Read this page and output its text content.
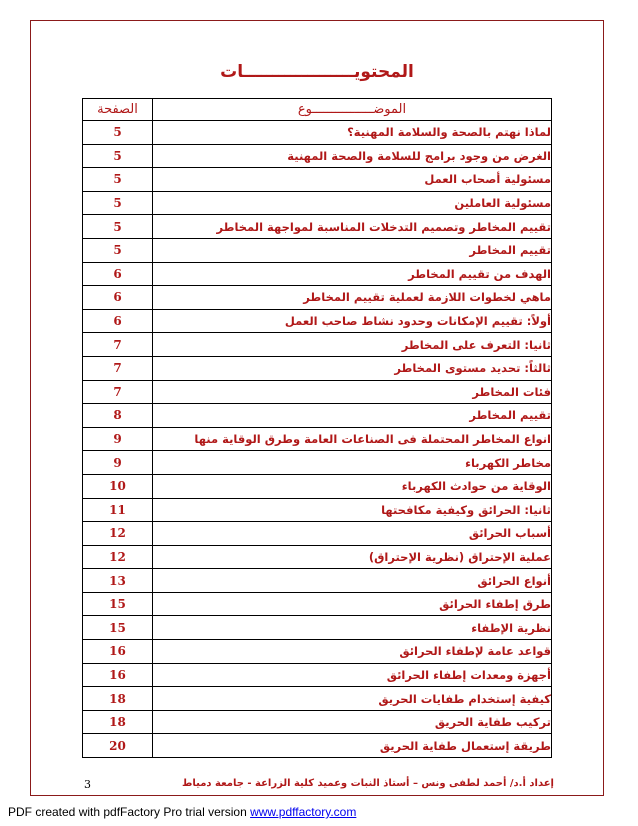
المحتويـــــــــــــــــــات
الموضــــــــــــــــوع	الصفحة
لماذا نهتم بالصحة والسلامة المهنية؟	5
الغرض من وجود برامج للسلامة والصحة المهنية	5
مسئولية أصحاب العمل	5
مسئولية العاملين	5
تقييم المخاطر وتصميم التدخلات المناسبة لمواجهة المخاطر	5
تقييم المخاطر	5
الهدف من تقييم المخاطر	6
ماهي لخطوات اللازمة لعملية تقييم المخاطر	6
أولاً: تقييم الإمكانات وحدود نشاط صاحب العمل	6
ثانيا: التعرف على المخاطر	7
ثالثاً: تحديد مستوى المخاطر	7
فئات المخاطر	7
تقييم المخاطر	8
انواع المخاطر المحتملة فى الصناعات العامة وطرق الوقاية منها	9
مخاطر الكهرباء	9
الوقاية من حوادث الكهرباء	10
ثانيا: الحرائق وكيفية مكافحتها	11
أسباب الحرائق	12
عملية الإحتراق (نظرية الإحتراق)	12
أنواع الحرائق	13
طرق إطفاء الحرائق	15
نظرية الإطفاء	15
قواعد عامة لإطفاء الحرائق	16
أجهزة ومعدات إطفاء الحرائق	16
كيفية إستخدام طفايات الحريق	18
تركيب طفاية الحريق	18
طريقة إستعمال طفاية الحريق	20
3	إعداد أ.د/ أحمد لطفى ونس – أستاذ النبات وعميد كلية الزراعة - جامعة دمياط
PDF created with pdfFactory Pro trial version www.pdffactory.com
